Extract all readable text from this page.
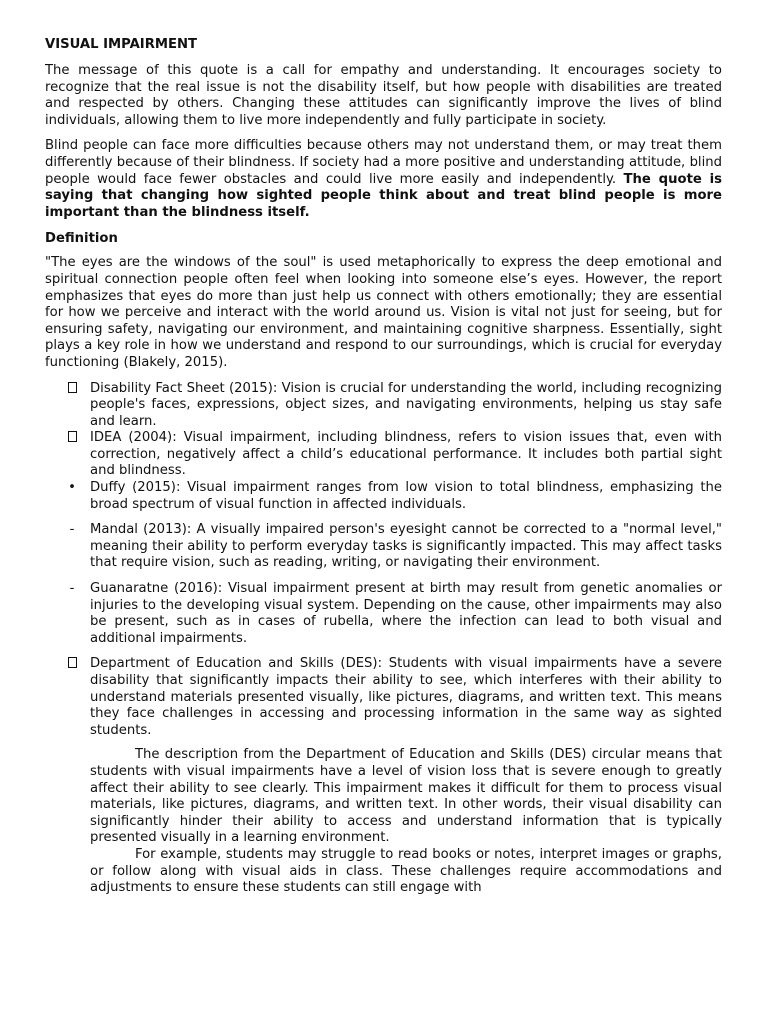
VISUAL IMPAIRMENT

The message of this quote is a call for empathy and understanding. It encourages society to recognize that the real issue is not the disability itself, but how people with disabilities are treated and respected by others. Changing these attitudes can significantly improve the lives of blind individuals, allowing them to live more independently and fully participate in society.

Blind people can face more difficulties because others may not understand them, or may treat them differently because of their blindness. If society had a more positive and understanding attitude, blind people would face fewer obstacles and could live more easily and independently. The quote is saying that changing how sighted people think about and treat blind people is more important than the blindness itself.

Definition

"The eyes are the windows of the soul" is used metaphorically to express the deep emotional and spiritual connection people often feel when looking into someone else’s eyes. However, the report emphasizes that eyes do more than just help us connect with others emotionally; they are essential for how we perceive and interact with the world around us. Vision is vital not just for seeing, but for ensuring safety, navigating our environment, and maintaining cognitive sharpness. Essentially, sight plays a key role in how we understand and respond to our surroundings, which is crucial for everyday functioning (Blakely, 2015).

Disability Fact Sheet (2015): Vision is crucial for understanding the world, including recognizing people's faces, expressions, object sizes, and navigating environments, helping us stay safe and learn.
IDEA (2004): Visual impairment, including blindness, refers to vision issues that, even with correction, negatively affect a child’s educational performance. It includes both partial sight and blindness.
•
Duffy (2015): Visual impairment ranges from low vision to total blindness, emphasizing the broad spectrum of visual function in affected individuals.
-
Mandal (2013): A visually impaired person's eyesight cannot be corrected to a "normal level," meaning their ability to perform everyday tasks is significantly impacted. This may affect tasks that require vision, such as reading, writing, or navigating their environment.
-
Guanaratne (2016): Visual impairment present at birth may result from genetic anomalies or injuries to the developing visual system. Depending on the cause, other impairments may also be present, such as in cases of rubella, where the infection can lead to both visual and additional impairments.
Department of Education and Skills (DES): Students with visual impairments have a severe disability that significantly impacts their ability to see, which interferes with their ability to understand materials presented visually, like pictures, diagrams, and written text. This means they face challenges in accessing and processing information in the same way as sighted students.

The description from the Department of Education and Skills (DES) circular means that students with visual impairments have a level of vision loss that is severe enough to greatly affect their ability to see clearly. This impairment makes it difficult for them to process visual materials, like pictures, diagrams, and written text. In other words, their visual disability can significantly hinder their ability to access and understand information that is typically presented visually in a learning environment.

For example, students may struggle to read books or notes, interpret images or graphs, or follow along with visual aids in class. These challenges require accommodations and adjustments to ensure these students can still engage with
